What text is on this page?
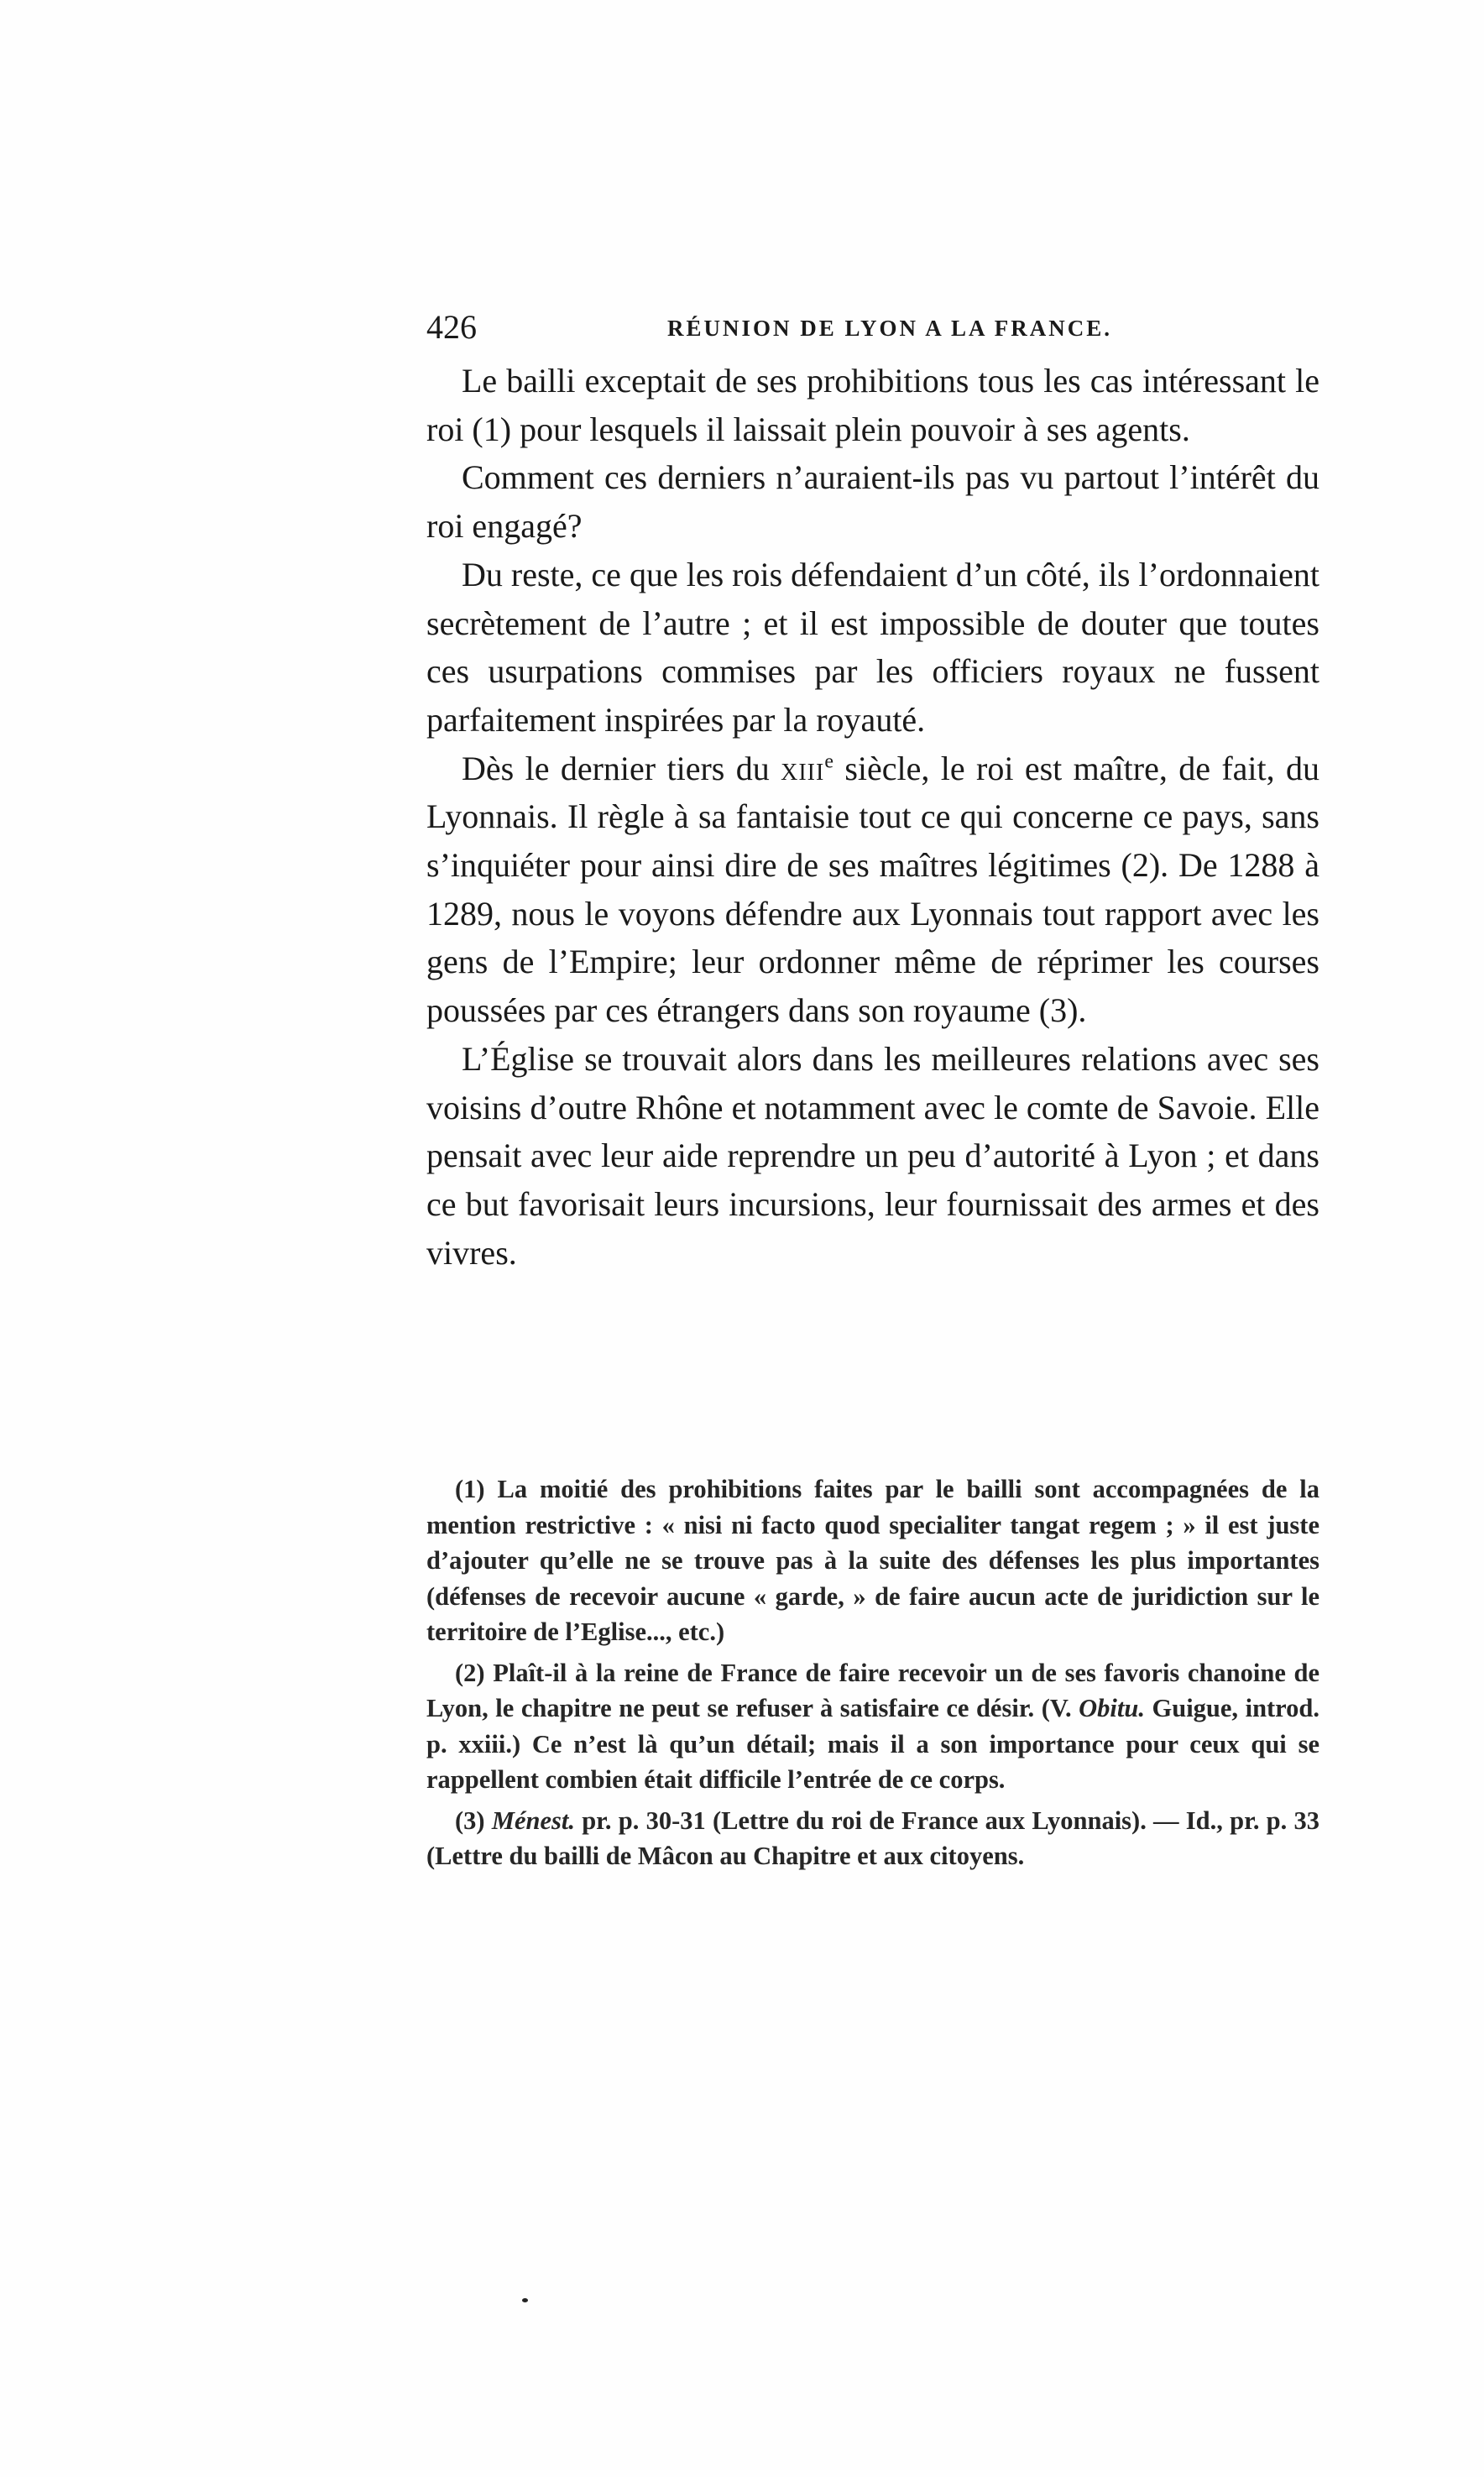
426	RÉUNION DE LYON A LA FRANCE.

Le bailli exceptait de ses prohibitions tous les cas intéressant le roi (1) pour lesquels il laissait plein pouvoir à ses agents.

Comment ces derniers n’auraient-ils pas vu partout l’intérêt du roi engagé?

Du reste, ce que les rois défendaient d’un côté, ils l’ordonnaient secrètement de l’autre ; et il est impossible de douter que toutes ces usurpations commises par les officiers royaux ne fussent parfaitement inspirées par la royauté.

Dès le dernier tiers du xiii$^e$ siècle, le roi est maître, de fait, du Lyonnais. Il règle à sa fantaisie tout ce qui concerne ce pays, sans s’inquiéter pour ainsi dire de ses maîtres légitimes (2). De 1288 à 1289, nous le voyons défendre aux Lyonnais tout rapport avec les gens de l’Empire; leur ordonner même de réprimer les courses poussées par ces étrangers dans son royaume (3).

L’Église se trouvait alors dans les meilleures relations avec ses voisins d’outre Rhône et notamment avec le comte de Savoie. Elle pensait avec leur aide reprendre un peu d’autorité à Lyon ; et dans ce but favorisait leurs incursions, leur fournissait des armes et des vivres.

(1) La moitié des prohibitions faites par le bailli sont accompagnées de la mention restrictive : « nisi ni facto quod specialiter tangat regem ; » il est juste d’ajouter qu’elle ne se trouve pas à la suite des défenses les plus importantes (défenses de recevoir aucune « garde, » de faire aucun acte de juridiction sur le territoire de l’Eglise..., etc.)

(2) Plaît-il à la reine de France de faire recevoir un de ses favoris chanoine de Lyon, le chapitre ne peut se refuser à satisfaire ce désir. (V. Obitu. Guigue, introd. p. xxiii.) Ce n’est là qu’un détail; mais il a son importance pour ceux qui se rappellent combien était difficile l’entrée de ce corps.

(3) Ménest. pr. p. 30-31 (Lettre du roi de France aux Lyonnais). — Id., pr. p. 33 (Lettre du bailli de Mâcon au Chapitre et aux citoyens.
